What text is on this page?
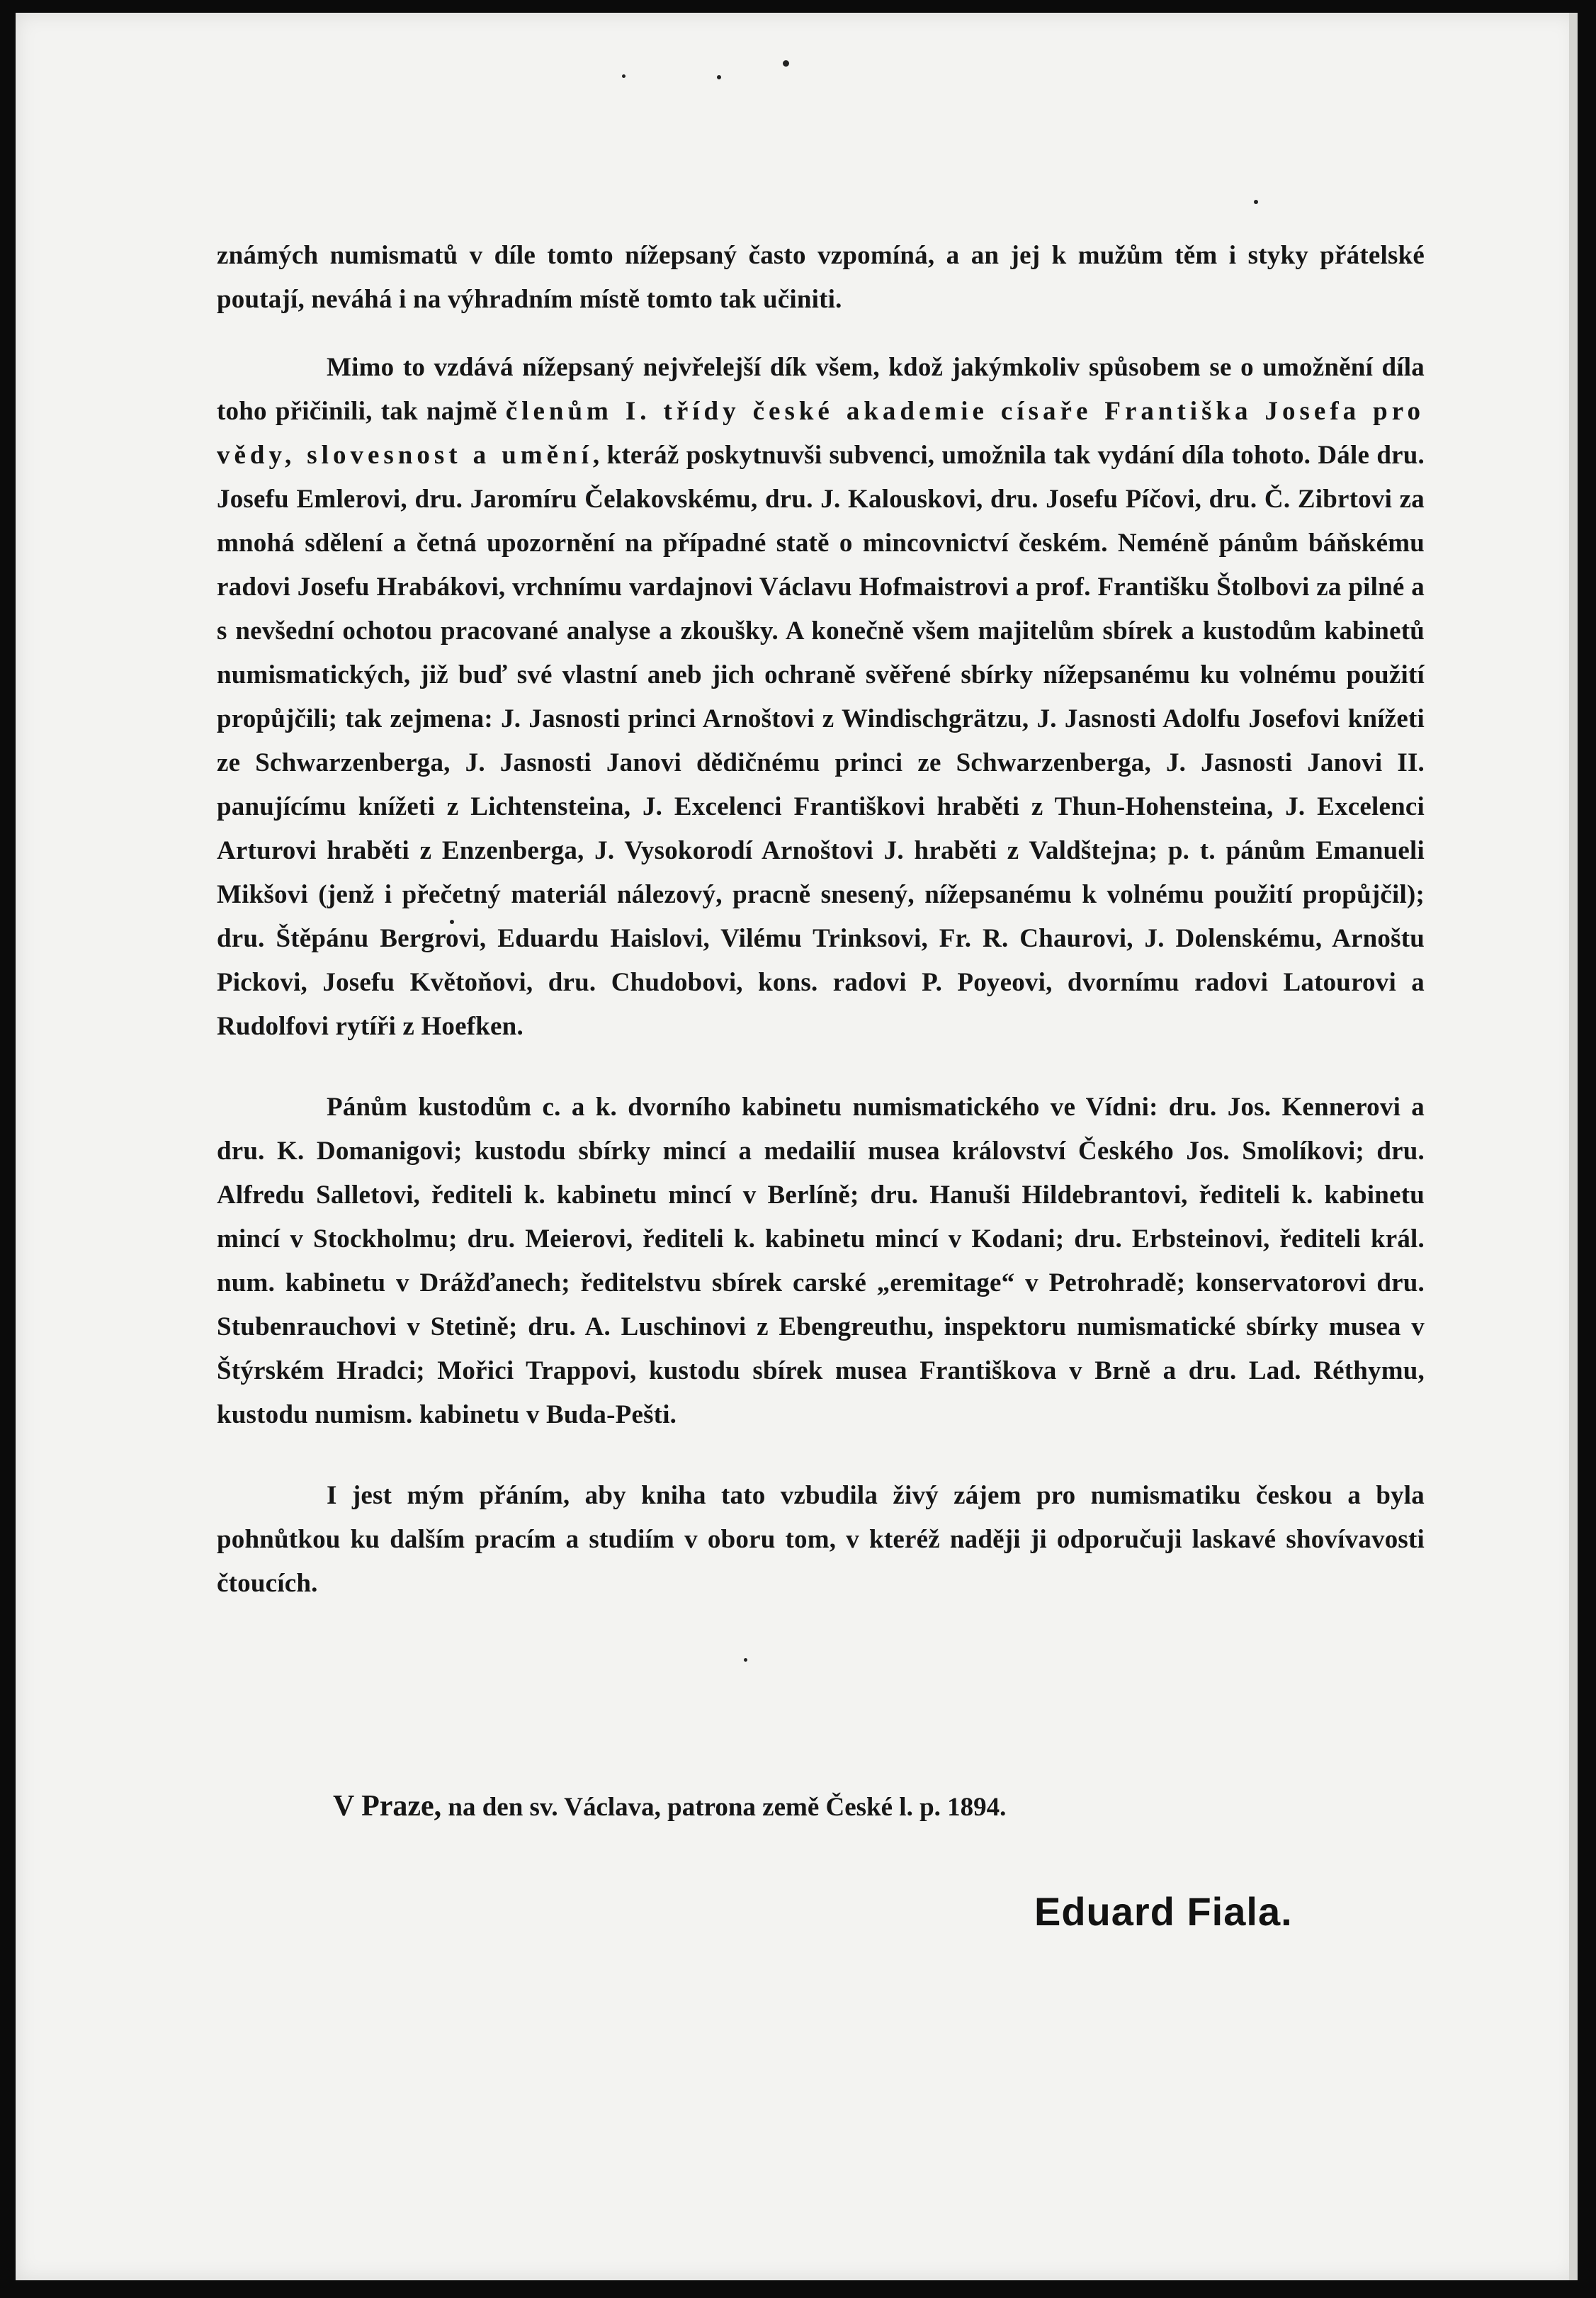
známých numismatů v díle tomto nížepsaný často vzpomíná, a an jej k mužům těm i styky přátelské poutají, neváhá i na výhradním místě tomto tak učiniti.

Mimo to vzdává nížepsaný nejvřelejší dík všem, kdož jakýmkoliv spůsobem se o umožnění díla toho přičinili, tak najmě členům I. třídy české akademie císaře Františka Josefa pro vědy, slovesnost a umění, kteráž poskytnuvši subvenci, umožnila tak vydání díla tohoto. Dále dru. Josefu Emlerovi, dru. Jaromíru Čelakovskému, dru. J. Kalouskovi, dru. Josefu Píčovi, dru. Č. Zibrtovi za mnohá sdělení a četná upozornění na případné statě o mincovnictví českém. Neméně pánům báňskému radovi Josefu Hrabákovi, vrchnímu vardajnovi Václavu Hofmaistrovi a prof. Františku Štolbovi za pilné a s nevšední ochotou pracované analyse a zkoušky. A konečně všem majitelům sbírek a kustodům kabinetů numismatických, již buď své vlastní aneb jich ochraně svěřené sbírky nížepsanému ku volnému použití propůjčili; tak zejmena: J. Jasnosti princi Arnoštovi z Windischgrätzu, J. Jasnosti Adolfu Josefovi knížeti ze Schwarzenberga, J. Jasnosti Janovi dědičnému princi ze Schwarzenberga, J. Jasnosti Janovi II. panujícímu knížeti z Lichtensteina, J. Excelenci Františkovi hraběti z Thun-Hohensteina, J. Excelenci Arturovi hraběti z Enzenberga, J. Vysokorodí Arnoštovi J. hraběti z Valdštejna; p. t. pánům Emanueli Mikšovi (jenž i přečetný materiál nálezový, pracně snesený, nížepsanému k volnému použití propůjčil); dru. Štěpánu Bergrovi, Eduardu Haislovi, Vilému Trinksovi, Fr. R. Chaurovi, J. Dolenskému, Arnoštu Pickovi, Josefu Květoňovi, dru. Chudobovi, kons. radovi P. Poyeovi, dvornímu radovi Latourovi a Rudolfovi rytíři z Hoefken.

Pánům kustodům c. a k. dvorního kabinetu numismatického ve Vídni: dru. Jos. Kennerovi a dru. K. Domanigovi; kustodu sbírky mincí a medailií musea království Českého Jos. Smolíkovi; dru. Alfredu Salletovi, řediteli k. kabinetu mincí v Berlíně; dru. Hanuši Hildebrantovi, řediteli k. kabinetu mincí v Stockholmu; dru. Meierovi, řediteli k. kabinetu mincí v Kodani; dru. Erbsteinovi, řediteli král. num. kabinetu v Drážďanech; ředitelstvu sbírek carské „eremitage“ v Petrohradě; konservatorovi dru. Stubenrauchovi v Stetině; dru. A. Luschinovi z Ebengreuthu, inspektoru numismatické sbírky musea v Štýrském Hradci; Mořici Trappovi, kustodu sbírek musea Františkova v Brně a dru. Lad. Réthymu, kustodu numism. kabinetu v Buda-Pešti.

I jest mým přáním, aby kniha tato vzbudila živý zájem pro numismatiku českou a byla pohnůtkou ku dalším pracím a studiím v oboru tom, v kteréž naději ji odporučuji laskavé shovívavosti čtoucích.

V Praze, na den sv. Václava, patrona země České l. p. 1894.
Eduard Fiala.
